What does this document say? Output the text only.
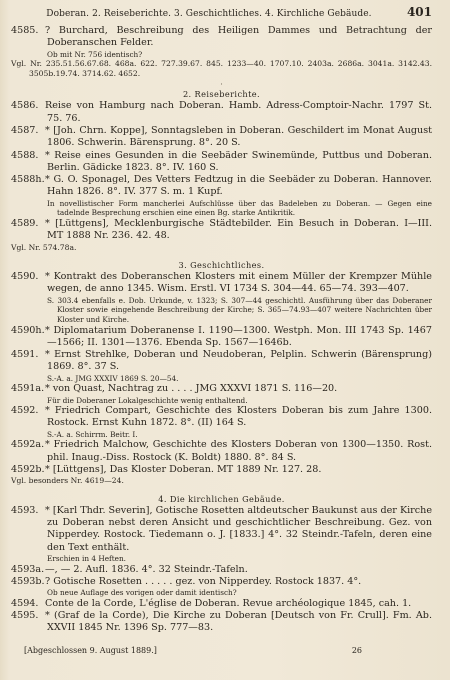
Doberan. 2. Reiseberichte. 3. Geschichtliches. 4. Kirchliche Gebäude.	401
4585. ? Burchard, Beschreibung des Heiligen Dammes und Betrachtung der Doberanschen Felder.
Ob mit Nr. 756 identisch?
Vgl. Nr. 235.51.56.67.68. 468a. 622. 727.39.67. 845. 1233—40. 1707.10. 2403a. 2686a. 3041a. 3142.43. 3505b.19.74. 3714.62. 4652.
·
2. Reiseberichte.
4586. Reise von Hamburg nach Doberan. Hamb. Adress-Comptoir-Nachr. 1797 St. 75. 76.
4587. * [Joh. Chrn. Koppe], Sonntagsleben in Doberan. Geschildert im Monat August 1806. Schwerin. Bärensprung. 8°. 20 S.
4588. * Reise eines Gesunden in die Seebäder Swinemünde, Puttbus und Doberan. Berlin. Gädicke 1823. 8°. IV. 160 S.
4588h.* G. O. Sponagel, Des Vetters Fedtzug in die Seebäder zu Doberan. Hannover. Hahn 1826. 8°. IV. 377 S. m. 1 Kupf.
In novellistischer Form mancherlei Aufschlüsse über das Badeleben zu Doberan. — Gegen eine tadelnde Besprechung erschien eine einen Bg. starke Antikritik.
4589. * [Lüttgens], Mecklenburgische Städtebilder. Ein Besuch in Doberan. I—III. MT 1888 Nr. 236. 42. 48.
Vgl. Nr. 574.78a.
3. Geschichtliches.
4590. * Kontrakt des Doberanschen Klosters mit einem Müller der Krempzer Mühle wegen, de anno 1345. Wism. Erstl. VI 1734 S. 304—44. 65—74. 393—407.
S. 303.4 ebenfalls e. Dob. Urkunde, v. 1323; S. 307—44 geschichtl. Ausführung über das Doberaner Kloster sowie eingehende Beschreibung der Kirche; S. 365—74.93—407 weitere Nachrichten über Kloster und Kirche.
4590h.* Diplomatarium Doberanense I. 1190—1300. Westph. Mon. III 1743 Sp. 1467—1566; II. 1301—1376. Ebenda Sp. 1567—1646b.
4591. * Ernst Strehlke, Doberan und Neudoberan, Pelplin. Schwerin (Bärensprung) 1869. 8°. 37 S.
S.-A. a. JMG XXXIV 1869 S. 20—54.
4591a.* von Quast, Nachtrag zu . . . . JMG XXXVI 1871 S. 116—20.
Für die Doberaner Lokalgeschichte wenig enthaltend.
4592. * Friedrich Compart, Geschichte des Klosters Doberan bis zum Jahre 1300. Rostock. Ernst Kuhn 1872. 8°. (II) 164 S.
S.-A. a. Schirrm. Beitr. I.
4592a.* Friedrich Malchow, Geschichte des Klosters Doberan von 1300—1350. Rost. phil. Inaug.-Diss. Rostock (K. Boldt) 1880. 8°. 84 S.
4592b.* [Lüttgens], Das Kloster Doberan. MT 1889 Nr. 127. 28.
Vgl. besonders Nr. 4619—24.
4. Die kirchlichen Gebäude.
4593. * [Karl Thdr. Severin], Gotische Rosetten altdeutscher Baukunst aus der Kirche zu Doberan nebst deren Ansicht und geschichtlicher Beschreibung. Gez. von Nipperdey. Rostock. Tiedemann o. J. [1833.] 4°. 32 Steindr.-Tafeln, deren eine den Text enthält.
Erschien in 4 Heften.
4593a.—, — 2. Aufl. 1836. 4°. 32 Steindr.-Tafeln.
4593b.? Gotische Rosetten . . . . . gez. von Nipperdey. Rostock 1837. 4°.
Ob neue Auflage des vorigen oder damit identisch?
4594. Conte de la Corde, L'église de Doberan. Revue archéologique 1845, cah. 1.
4595. * (Graf de la Corde), Die Kirche zu Doberan [Deutsch von Fr. Crull]. Fm. Ab. XXVII 1845 Nr. 1396 Sp. 777—83.
[Abgeschlossen 9. August 1889.]	26
